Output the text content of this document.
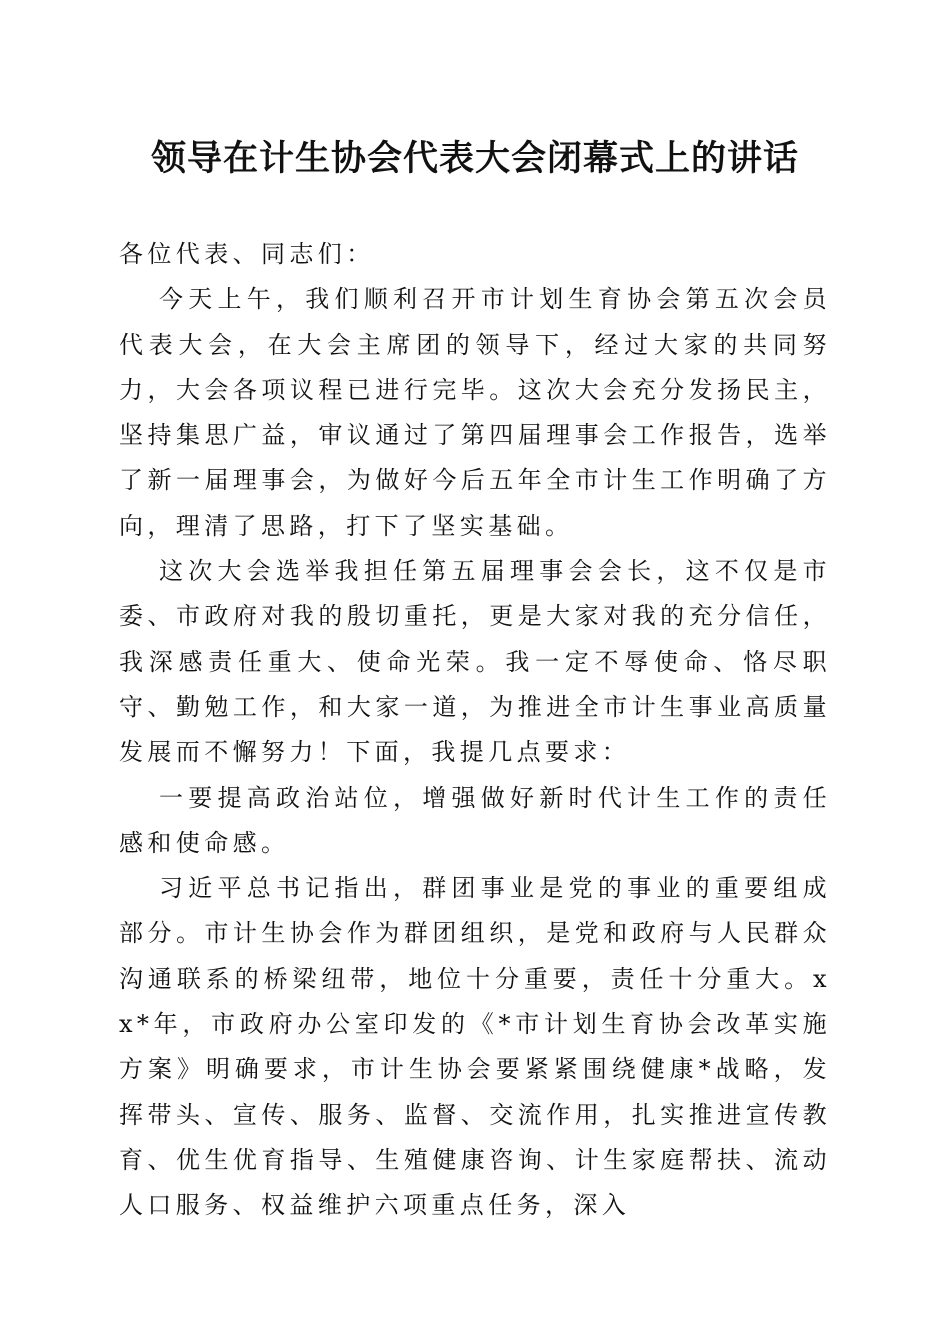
领导在计生协会代表大会闭幕式上的讲话

各位代表、同志们：

今天上午，我们顺利召开市计划生育协会第五次会员代表大会，在大会主席团的领导下，经过大家的共同努力，大会各项议程已进行完毕。这次大会充分发扬民主，坚持集思广益，审议通过了第四届理事会工作报告，选举了新一届理事会，为做好今后五年全市计生工作明确了方向，理清了思路，打下了坚实基础。

这次大会选举我担任第五届理事会会长，这不仅是市委、市政府对我的殷切重托，更是大家对我的充分信任，我深感责任重大、使命光荣。我一定不辱使命、恪尽职守、勤勉工作，和大家一道，为推进全市计生事业高质量发展而不懈努力！下面，我提几点要求：

一要提高政治站位，增强做好新时代计生工作的责任感和使命感。

习近平总书记指出，群团事业是党的事业的重要组成部分。市计生协会作为群团组织，是党和政府与人民群众沟通联系的桥梁纽带，地位十分重要，责任十分重大。xx*年，市政府办公室印发的《*市计划生育协会改革实施方案》明确要求，市计生协会要紧紧围绕健康*战略，发挥带头、宣传、服务、监督、交流作用，扎实推进宣传教育、优生优育指导、生殖健康咨询、计生家庭帮扶、流动人口服务、权益维护六项重点任务，深入
